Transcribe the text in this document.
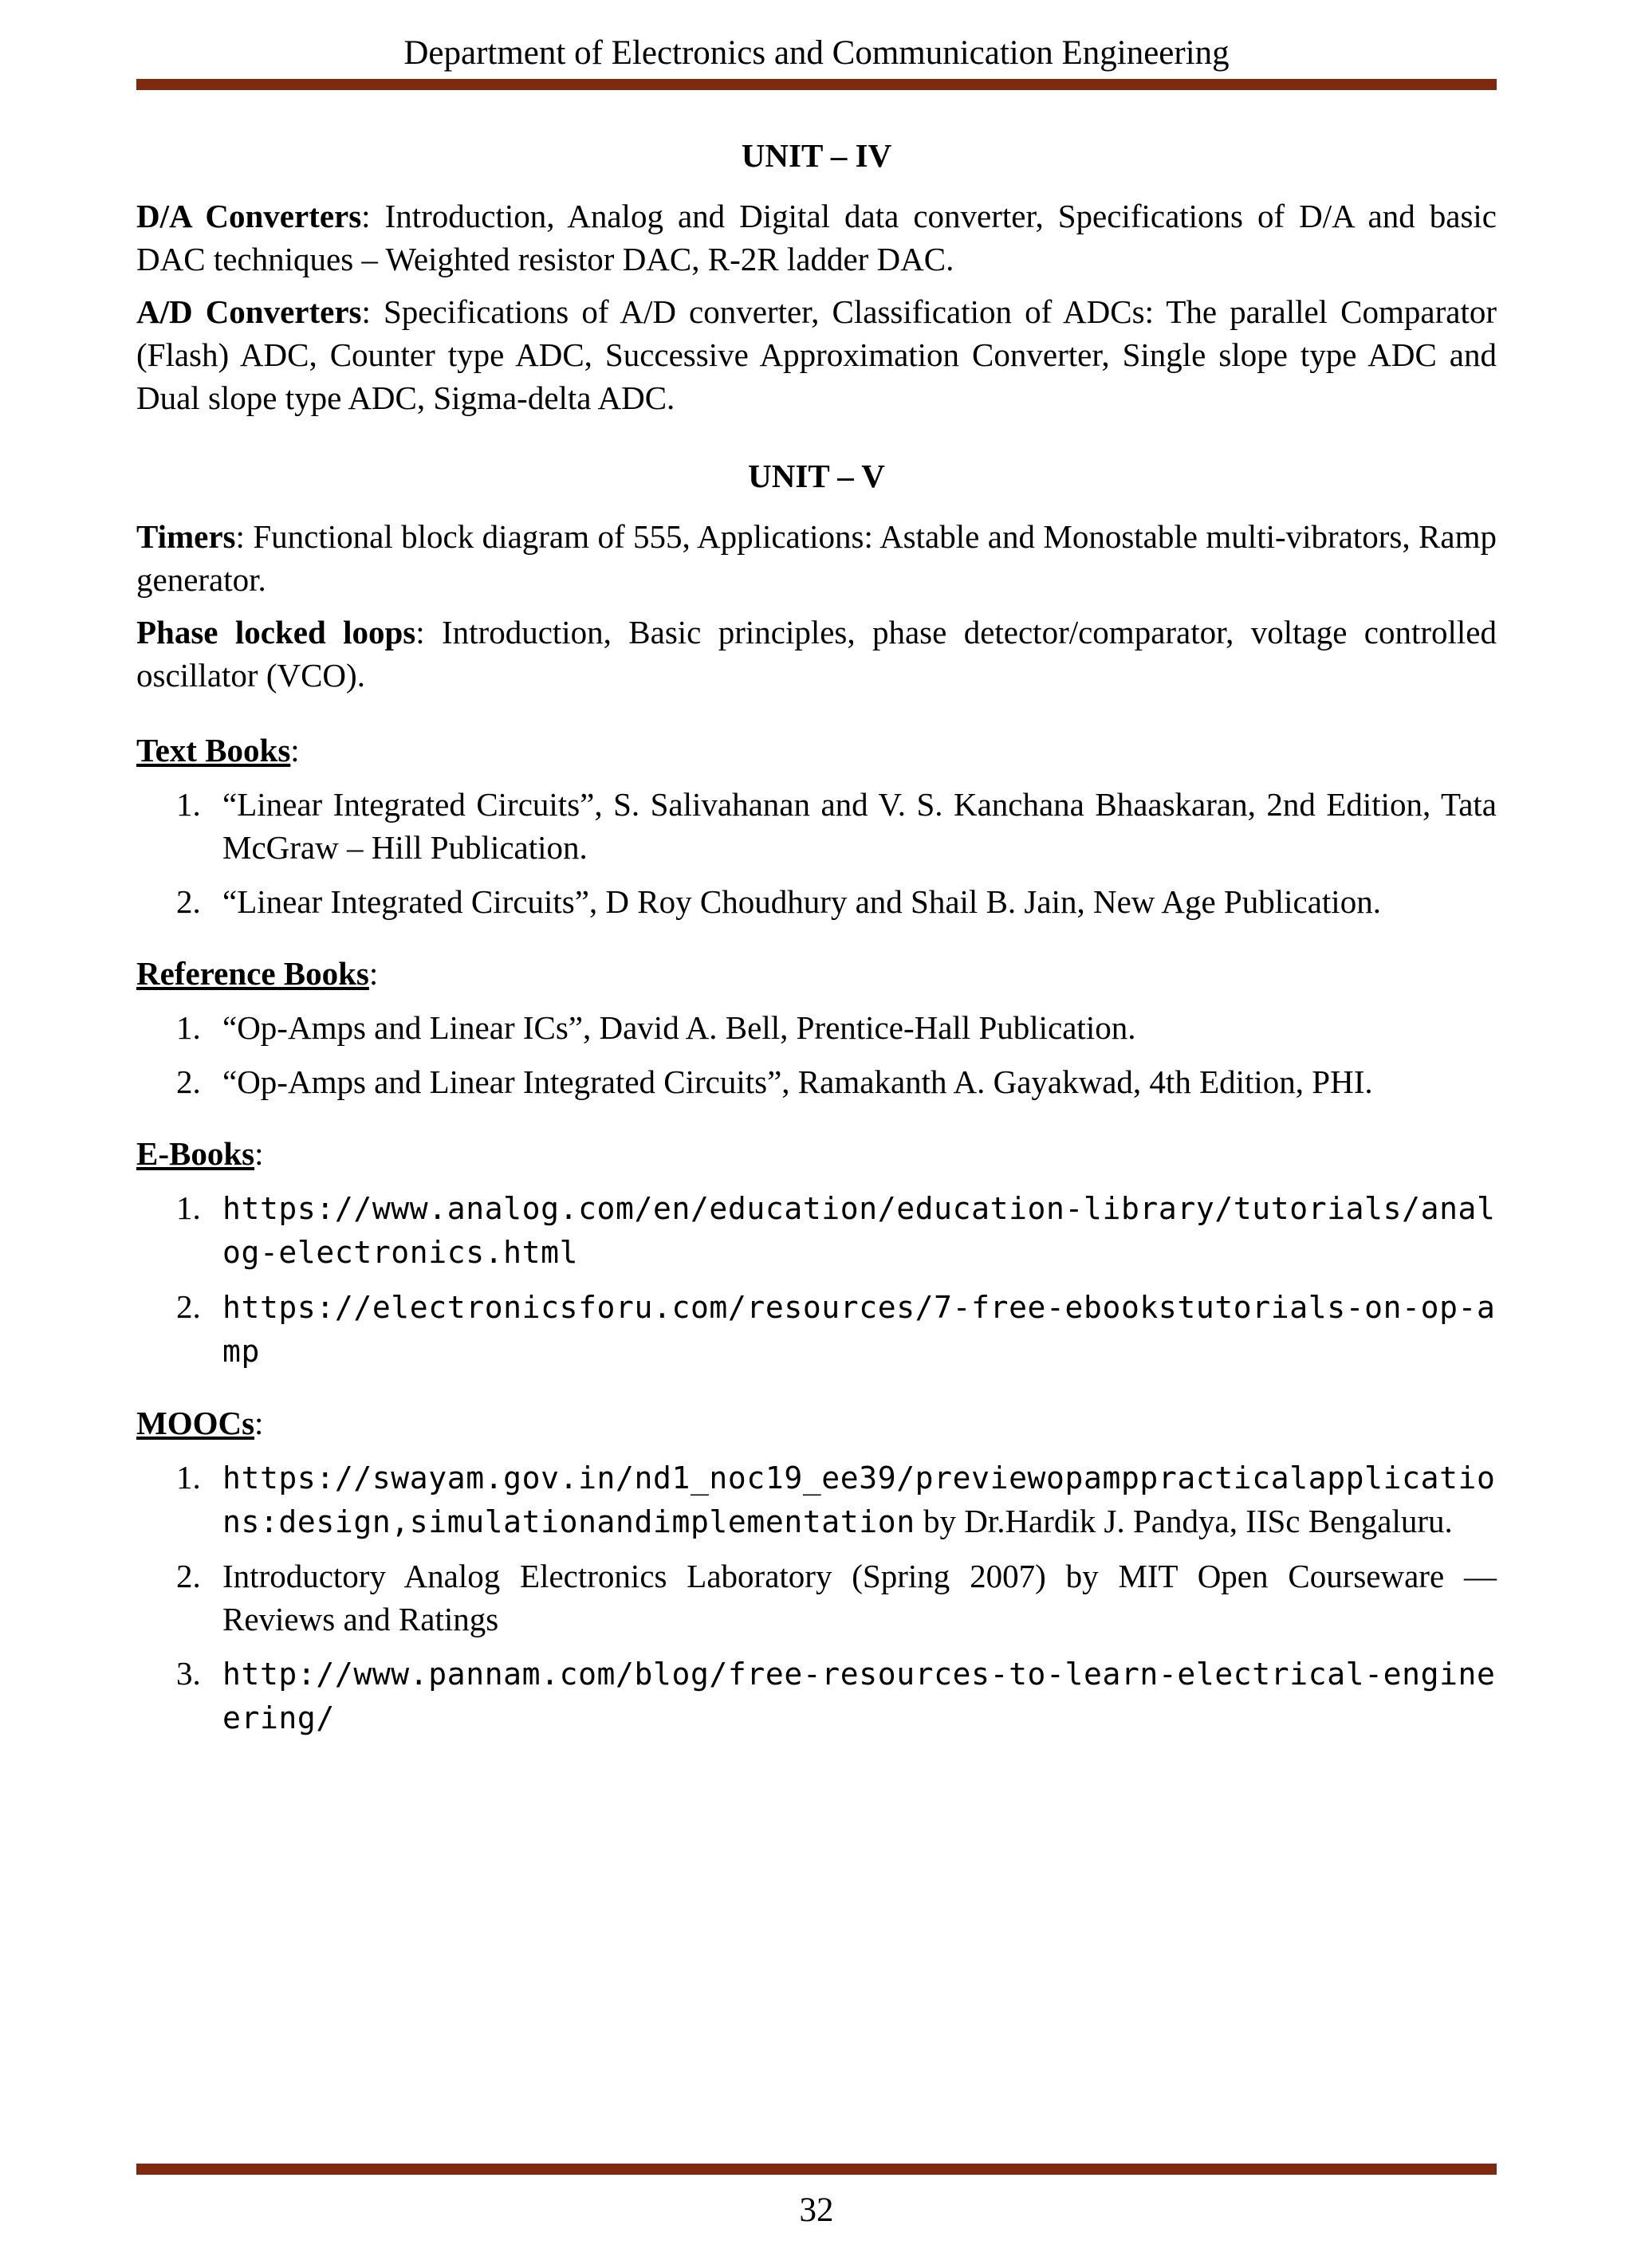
Department of Electronics and Communication Engineering
UNIT – IV

D/A Converters: Introduction, Analog and Digital data converter, Specifications of D/A and basic DAC techniques – Weighted resistor DAC, R-2R ladder DAC.

A/D Converters: Specifications of A/D converter, Classification of ADCs: The parallel Comparator (Flash) ADC, Counter type ADC, Successive Approximation Converter, Single slope type ADC and Dual slope type ADC, Sigma-delta ADC.

UNIT – V

Timers: Functional block diagram of 555, Applications: Astable and Monostable multi-vibrators, Ramp generator.

Phase locked loops: Introduction, Basic principles, phase detector/comparator, voltage controlled oscillator (VCO).

Text Books:
1. “Linear Integrated Circuits”, S. Salivahanan and V. S. Kanchana Bhaaskaran, 2nd Edition, Tata McGraw – Hill Publication.
2. “Linear Integrated Circuits”, D Roy Choudhury and Shail B. Jain, New Age Publication.
Reference Books:
1. “Op-Amps and Linear ICs”, David A. Bell, Prentice-Hall Publication.
2. “Op-Amps and Linear Integrated Circuits”, Ramakanth A. Gayakwad, 4th Edition, PHI.
E-Books:
1. https://www.analog.com/en/education/education-library/tutorials/analog-electronics.html
2. https://electronicsforu.com/resources/7-free-ebookstutorials-on-op-amp
MOOCs:
1. https://swayam.gov.in/nd1_noc19_ee39/previewopamppracticalapplications:design,simulationandimplementation by Dr.Hardik J. Pandya, IISc Bengaluru.
2. Introductory Analog Electronics Laboratory (Spring 2007) by MIT Open Courseware — Reviews and Ratings
3. http://www.pannam.com/blog/free-resources-to-learn-electrical-engineering/
32
